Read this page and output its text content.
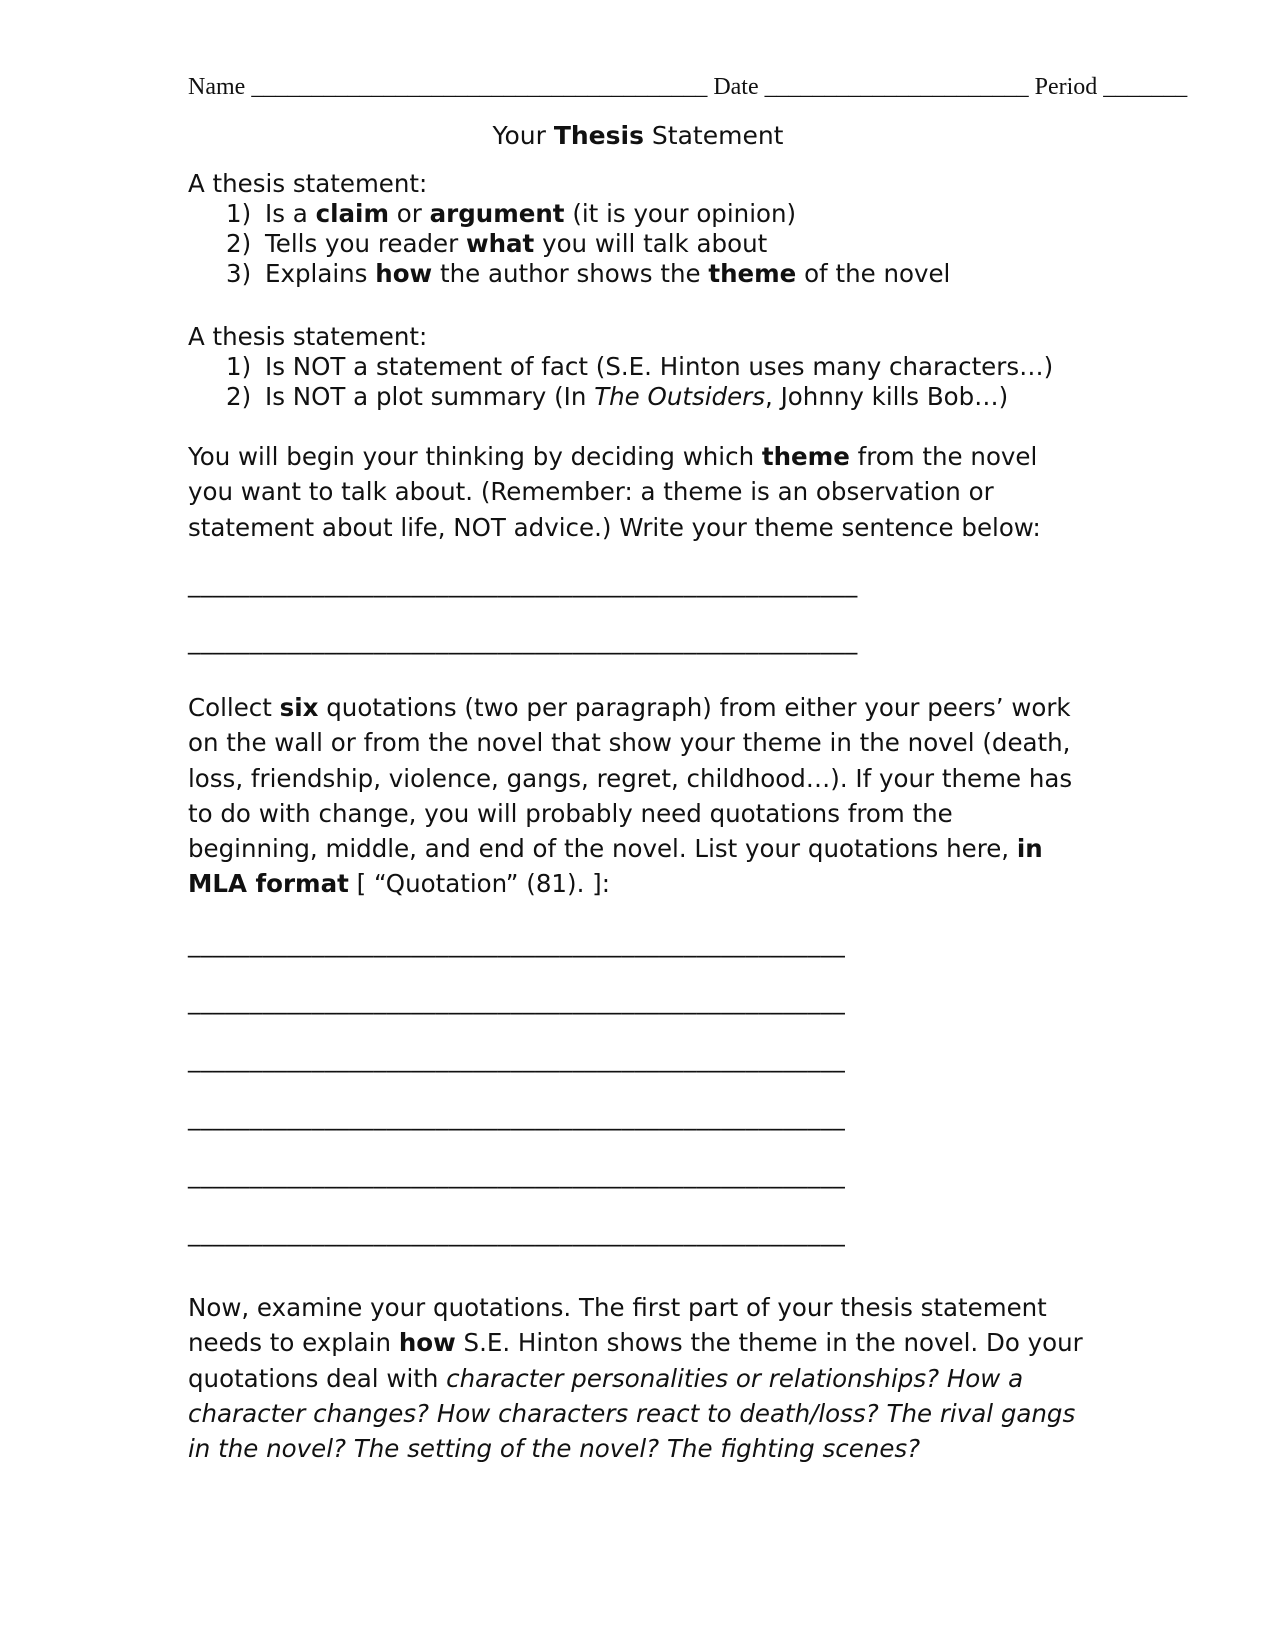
Name ______________________________________ Date ______________________ Period _______
Your Thesis Statement
A thesis statement:
1) Is a claim or argument (it is your opinion)
2) Tells you reader what you will talk about
3) Explains how the author shows the theme of the novel
A thesis statement:
1) Is NOT a statement of fact (S.E. Hinton uses many characters…)
2) Is NOT a plot summary (In The Outsiders, Johnny kills Bob…)
You will begin your thinking by deciding which theme from the novel you want to talk about. (Remember: a theme is an observation or statement about life, NOT advice.) Write your theme sentence below:
______________________________________________________
______________________________________________________
Collect six quotations (two per paragraph) from either your peers’ work on the wall or from the novel that show your theme in the novel (death, loss, friendship, violence, gangs, regret, childhood…). If your theme has to do with change, you will probably need quotations from the beginning, middle, and end of the novel. List your quotations here, in MLA format [ “Quotation” (81). ]:
_____________________________________________________
_____________________________________________________
_____________________________________________________
_____________________________________________________
_____________________________________________________
_____________________________________________________
Now, examine your quotations. The first part of your thesis statement needs to explain how S.E. Hinton shows the theme in the novel. Do your quotations deal with character personalities or relationships? How a character changes? How characters react to death/loss? The rival gangs in the novel? The setting of the novel? The fighting scenes?
